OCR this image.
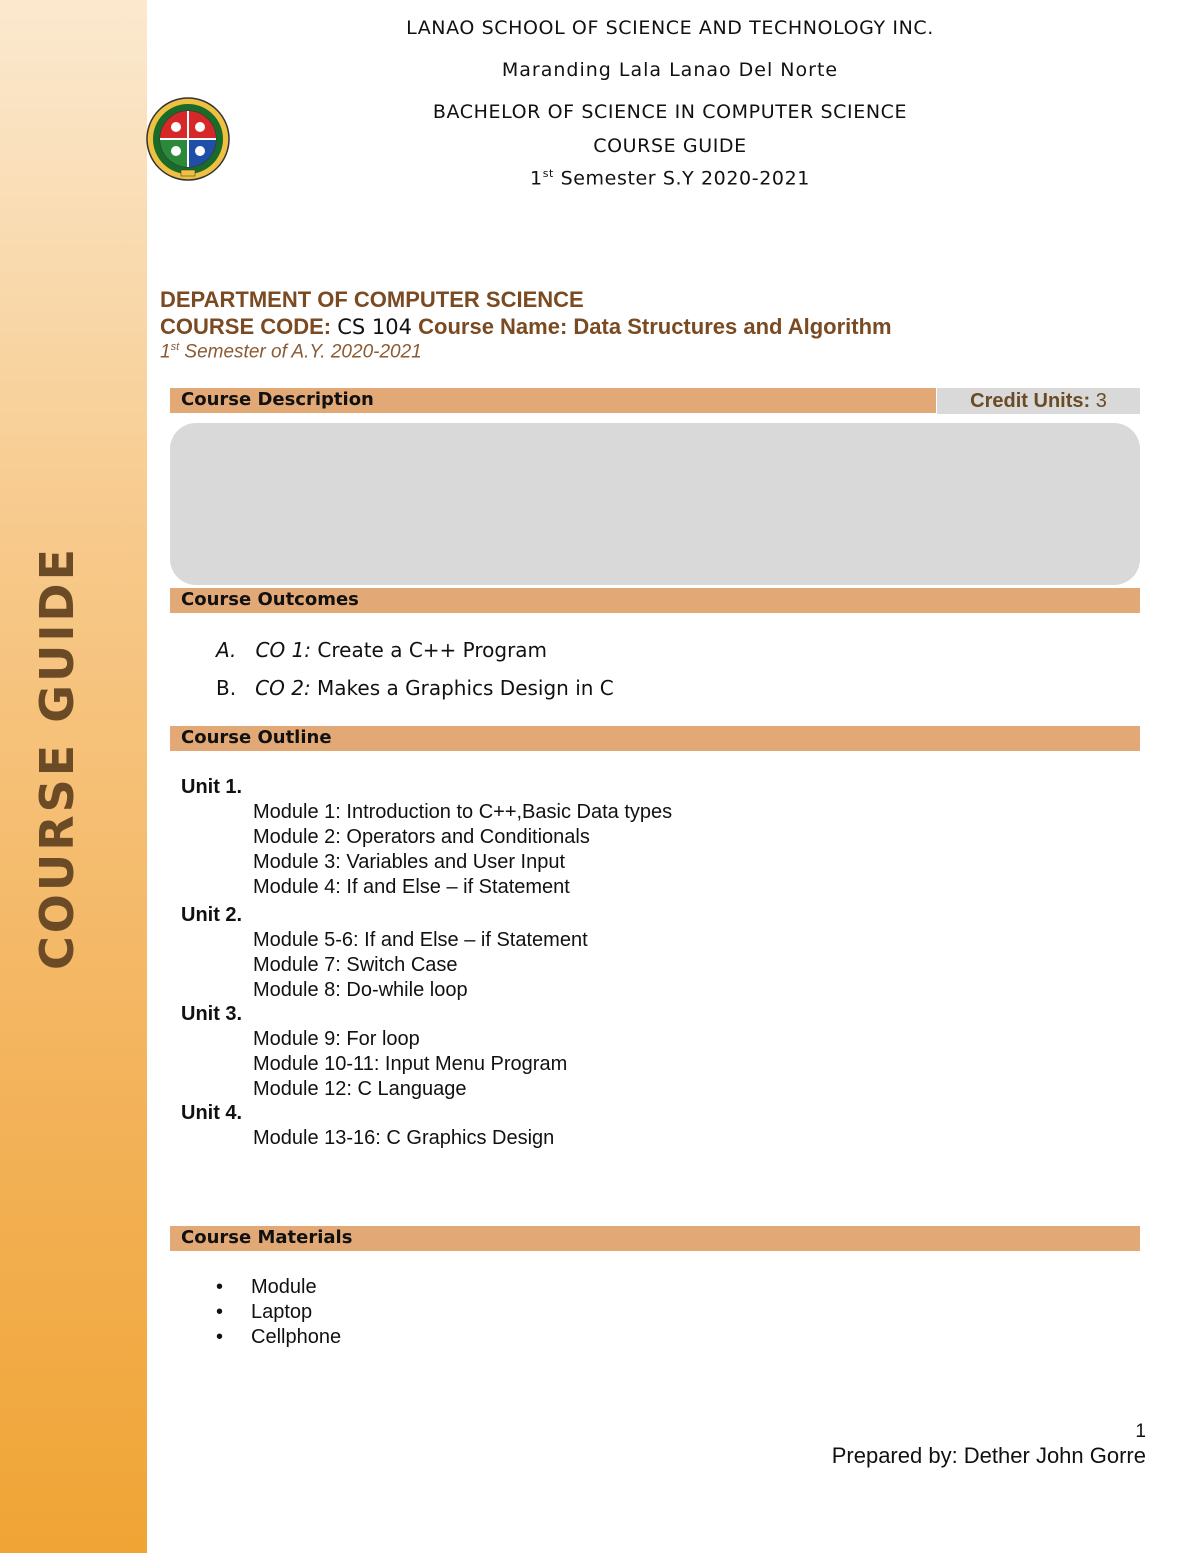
COURSE GUIDE
LANAO SCHOOL OF SCIENCE AND TECHNOLOGY INC.
Maranding Lala Lanao Del Norte
BACHELOR OF SCIENCE IN COMPUTER SCIENCE
COURSE GUIDE
1st Semester S.Y 2020-2021
DEPARTMENT OF COMPUTER SCIENCE
COURSE CODE: CS 104 Course Name: Data Structures and Algorithm
1st Semester of A.Y. 2020-2021
Course Description	Credit Units: 3
Course Outcomes
A. CO 1: Create a C++ Program
B. CO 2: Makes a Graphics Design in C
Course Outline
Unit 1.
Module 1: Introduction to C++,Basic Data types
Module 2: Operators and Conditionals
Module 3: Variables and User Input
Module 4: If and Else – if Statement
Unit 2.
Module 5-6: If and Else – if Statement
Module 7: Switch Case
Module 8: Do-while loop
Unit 3.
Module 9: For loop
Module 10-11: Input Menu Program
Module 12: C Language
Unit 4.
Module 13-16: C Graphics Design
Course Materials
• Module
• Laptop
• Cellphone
1
Prepared by: Dether John Gorre
